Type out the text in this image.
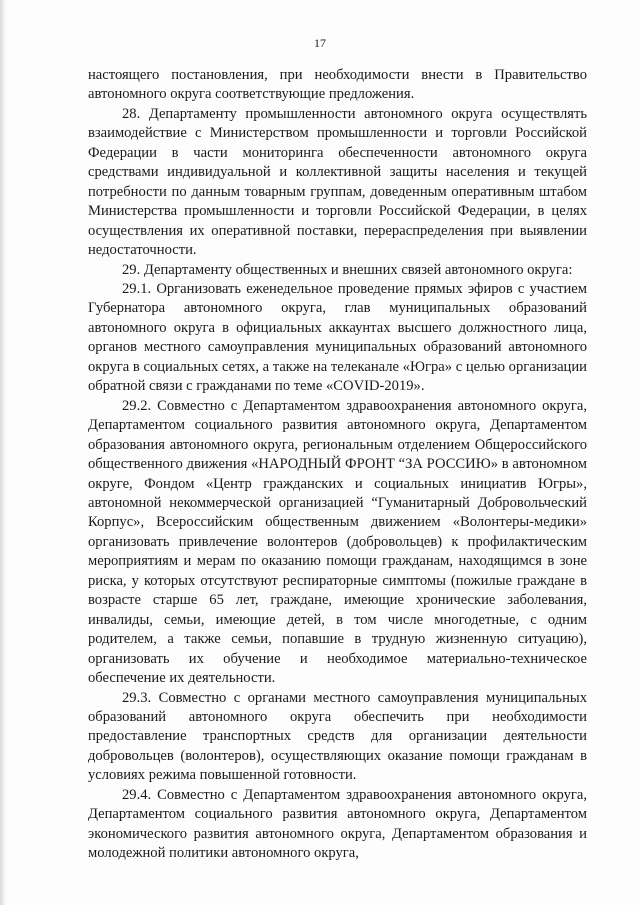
17

настоящего постановления, при необходимости внести в Правительство автономного округа соответствующие предложения.

28. Департаменту промышленности автономного округа осуществлять взаимодействие с Министерством промышленности и торговли Российской Федерации в части мониторинга обеспеченности автономного округа средствами индивидуальной и коллективной защиты населения и текущей потребности по данным товарным группам, доведенным оперативным штабом Министерства промышленности и торговли Российской Федерации, в целях осуществления их оперативной поставки, перераспределения при выявлении недостаточности.

29. Департаменту общественных и внешних связей автономного округа:

29.1. Организовать еженедельное проведение прямых эфиров с участием Губернатора автономного округа, глав муниципальных образований автономного округа в официальных аккаунтах высшего должностного лица, органов местного самоуправления муниципальных образований автономного округа в социальных сетях, а также на телеканале «Югра» с целью организации обратной связи с гражданами по теме «COVID-2019».

29.2. Совместно с Департаментом здравоохранения автономного округа, Департаментом социального развития автономного округа, Департаментом образования автономного округа, региональным отделением Общероссийского общественного движения «НАРОДНЫЙ ФРОНТ “ЗА РОССИЮ» в автономном округе, Фондом «Центр гражданских и социальных инициатив Югры», автономной некоммерческой организацией “Гуманитарный Добровольческий Корпус», Всероссийским общественным движением «Волонтеры-медики» организовать привлечение волонтеров (добровольцев) к профилактическим мероприятиям и мерам по оказанию помощи гражданам, находящимся в зоне риска, у которых отсутствуют респираторные симптомы (пожилые граждане в возрасте старше 65 лет, граждане, имеющие хронические заболевания, инвалиды, семьи, имеющие детей, в том числе многодетные, с одним родителем, а также семьи, попавшие в трудную жизненную ситуацию), организовать их обучение и необходимое материально-техническое обеспечение их деятельности.

29.3. Совместно с органами местного самоуправления муниципальных образований автономного округа обеспечить при необходимости предоставление транспортных средств для организации деятельности добровольцев (волонтеров), осуществляющих оказание помощи гражданам в условиях режима повышенной готовности.

29.4. Совместно с Департаментом здравоохранения автономного округа, Департаментом социального развития автономного округа, Департаментом экономического развития автономного округа, Департаментом образования и молодежной политики автономного округа,
